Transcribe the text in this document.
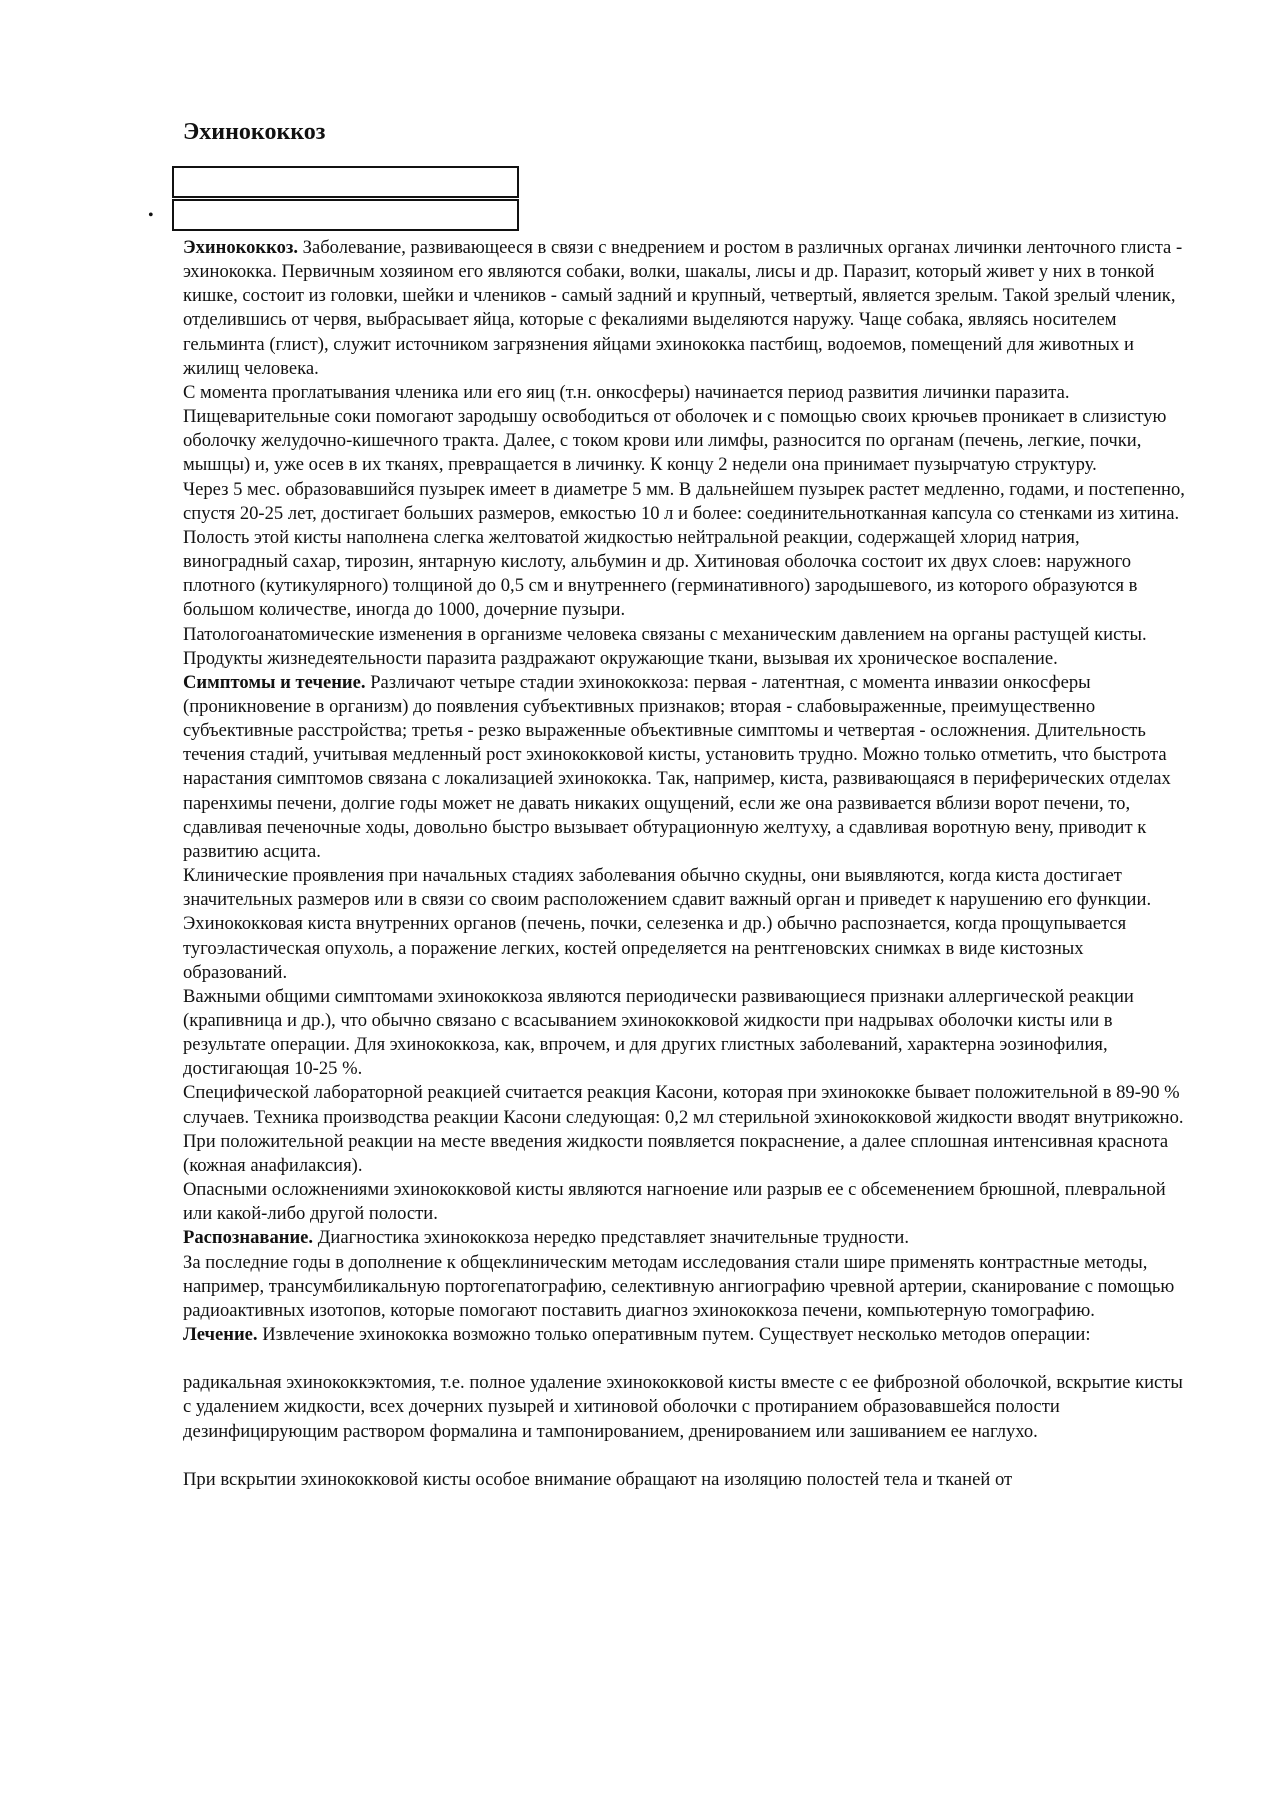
Эхинококкоз
•

Эхинококкоз. Заболевание, развивающееся в связи с внедрением и ростом в различных органах личинки ленточного глиста - эхинококка. Первичным хозяином его являются собаки, волки, шакалы, лисы и др. Паразит, который живет у них в тонкой кишке, состоит из головки, шейки и члеников - самый задний и крупный, четвертый, является зрелым. Такой зрелый членик, отделившись от червя, выбрасывает яйца, которые с фекалиями выделяются наружу. Чаще собака, являясь носителем гельминта (глист), служит источником загрязнения яйцами эхинококка пастбищ, водоемов, помещений для животных и жилищ человека.

С момента проглатывания членика или его яиц (т.н. онкосферы) начинается период развития личинки паразита. Пищеварительные соки помогают зародышу освободиться от оболочек и с помощью своих крючьев проникает в слизистую оболочку желудочно-кишечного тракта. Далее, с током крови или лимфы, разносится по органам (печень, легкие, почки, мышцы) и, уже осев в их тканях, превращается в личинку. К концу 2 недели она принимает пузырчатую структуру.

Через 5 мес. образовавшийся пузырек имеет в диаметре 5 мм. В дальнейшем пузырек растет медленно, годами, и постепенно, спустя 20-25 лет, достигает больших размеров, емкостью 10 л и более: соединительнотканная капсула со стенками из хитина. Полость этой кисты наполнена слегка желтоватой жидкостью нейтральной реакции, содержащей хлорид натрия, виноградный сахар, тирозин, янтарную кислоту, альбумин и др. Хитиновая оболочка состоит их двух слоев: наружного плотного (кутикулярного) толщиной до 0,5 см и внутреннего (герминативного) зародышевого, из которого образуются в большом количестве, иногда до 1000, дочерние пузыри.

Патологоанатомические изменения в организме человека связаны с механическим давлением на органы растущей кисты. Продукты жизнедеятельности паразита раздражают окружающие ткани, вызывая их хроническое воспаление.

Симптомы и течение. Различают четыре стадии эхинококкоза: первая - латентная, с момента инвазии онкосферы (проникновение в организм) до появления субъективных признаков; вторая - слабовыраженные, преимущественно субъективные расстройства; третья - резко выраженные объективные симптомы и четвертая - осложнения. Длительность течения стадий, учитывая медленный рост эхинококковой кисты, установить трудно. Можно только отметить, что быстрота нарастания симптомов связана с локализацией эхинококка. Так, например, киста, развивающаяся в периферических отделах паренхимы печени, долгие годы может не давать никаких ощущений, если же она развивается вблизи ворот печени, то, сдавливая печеночные ходы, довольно быстро вызывает обтурационную желтуху, а сдавливая воротную вену, приводит к развитию асцита.

Клинические проявления при начальных стадиях заболевания обычно скудны, они выявляются, когда киста достигает значительных размеров или в связи со своим расположением сдавит важный орган и приведет к нарушению его функции. Эхинококковая киста внутренних органов (печень, почки, селезенка и др.) обычно распознается, когда прощупывается тугоэластическая опухоль, а поражение легких, костей определяется на рентгеновских снимках в виде кистозных образований.

Важными общими симптомами эхинококкоза являются периодически развивающиеся признаки аллергической реакции (крапивница и др.), что обычно связано с всасыванием эхинококковой жидкости при надрывах оболочки кисты или в результате операции. Для эхинококкоза, как, впрочем, и для других глистных заболеваний, характерна эозинофилия, достигающая 10-25 %.

Специфической лабораторной реакцией считается реакция Касони, которая при эхинококке бывает положительной в 89-90 % случаев. Техника производства реакции Касони следующая: 0,2 мл стерильной эхинококковой жидкости вводят внутрикожно. При положительной реакции на месте введения жидкости появляется покраснение, а далее сплошная интенсивная краснота (кожная анафилаксия).

Опасными осложнениями эхинококковой кисты являются нагноение или разрыв ее с обсеменением брюшной, плевральной или какой-либо другой полости.

Распознавание. Диагностика эхинококкоза нередко представляет значительные трудности.

За последние годы в дополнение к общеклиническим методам исследования стали шире применять контрастные методы, например, трансумбиликальную портогепатографию, селективную ангиографию чревной артерии, сканирование с помощью радиоактивных изотопов, которые помогают поставить диагноз эхинококкоза печени, компьютерную томографию.

Лечение. Извлечение эхинококка возможно только оперативным путем. Существует несколько методов операции:

радикальная эхинококкэктомия, т.е. полное удаление эхинококковой кисты вместе с ее фиброзной оболочкой, вскрытие кисты с удалением жидкости, всех дочерних пузырей и хитиновой оболочки с протиранием образовавшейся полости дезинфицирующим раствором формалина и тампонированием, дренированием или зашиванием ее наглухо.

При вскрытии эхинококковой кисты особое внимание обращают на изоляцию полостей тела и тканей от
